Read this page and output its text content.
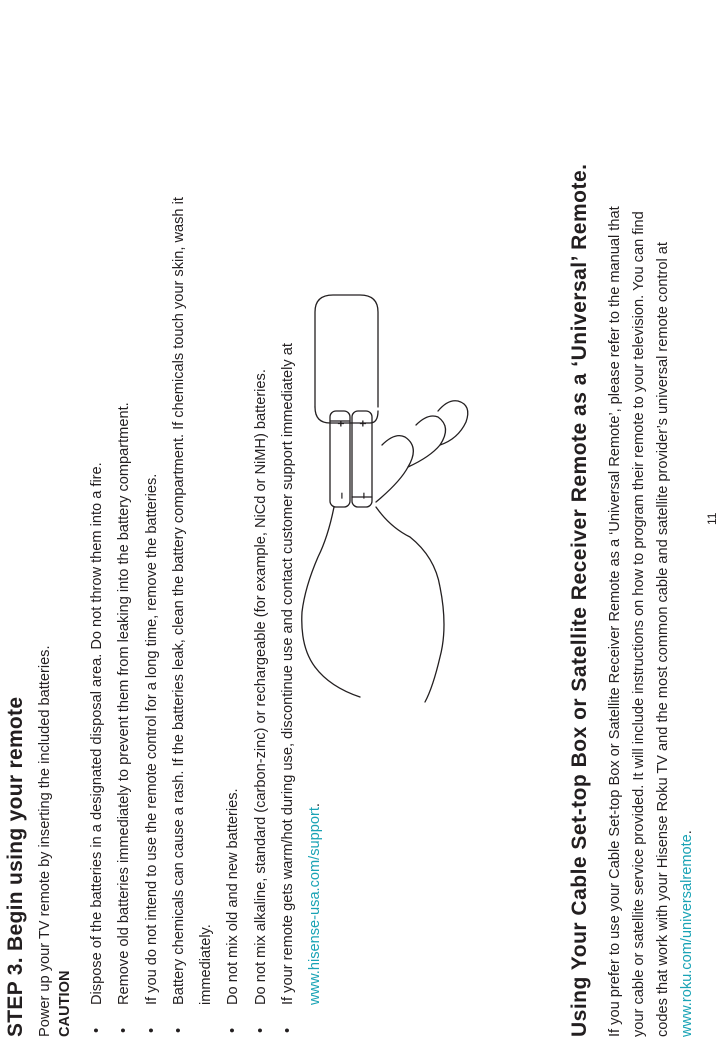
STEP 3. Begin using your remote Power up your TV remote by inserting the included batteries. CAUTION	•
Dispose of the batteries in a designated disposal area. Do not throw them into a fire.
•
Remove old batteries immediately to prevent them from leaking into the battery compartment.
•
If you do not intend to use the remote control for a long time, remove the batteries.
•
Battery chemicals can cause a rash. If the batteries leak, clean the battery compartment. If chemicals touch your skin, wash it immediately.
•
Do not mix old and new batteries.
•
Do not mix alkaline, standard (carbon-zinc) or rechargeable (for example, NiCd or NiMH) batteries.
•
If your remote gets warm/hot during use, discontinue use and contact customer support immediately at www.hisense-usa.com/support.
+
–
+
–	Using Your Cable Set-top Box or Satellite Receiver Remote as a ‘Universal’ Remote. If you prefer to use your Cable Set-top Box or Satellite Receiver Remote as a ‘Universal Remote’, please refer to the manual that your cable or satellite service provided. It will include instructions on how to program their remote to your television. You can find codes that work with your Hisense Roku TV and the most common cable and satellite provider’s universal remote control at www.roku.com/universalremote.
11
